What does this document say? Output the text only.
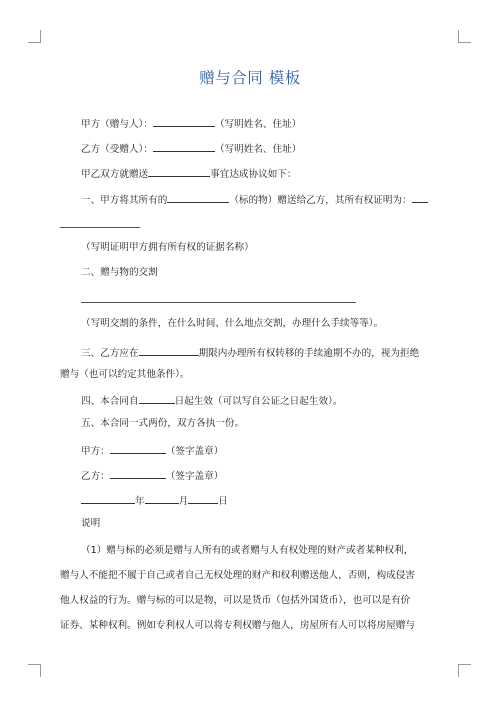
赠与合同 模板
甲方（赠与人）：	（写明姓名、住址）
乙方（受赠人）：	（写明姓名、住址）
甲乙双方就赠送	事宜达成协议如下：
一、甲方将其所有的	（标的物）赠送给乙方，其所有权证明为：
（写明证明甲方拥有所有权的证据名称）
二、赠与物的交割
（写明交割的条件，在什么时间、什么地点交割，办理什么手续等等）。
三、乙方应在	期限内办理所有权转移的手续逾期不办的，视为拒绝
赠与（也可以约定其他条件）。
四、本合同自	日起生效（可以写自公证之日起生效）。
五、本合同一式两份，双方各执一份。
甲方：	（签字盖章）
乙方：	（签字盖章）
年	月	日
说明
（1）赠与标的必须是赠与人所有的或者赠与人有权处理的财产或者某种权利，
赠与人不能把不履于自己或者自己无权处理的财产和权利赠送他人，否则，构成侵害
他人权益的行为。赠与标的可以是物，可以是货币（包括外国货币），也可以是有价
证券、某种权利。例如专利权人可以将专利权赠与他人，房屋所有人可以将房屋赠与
